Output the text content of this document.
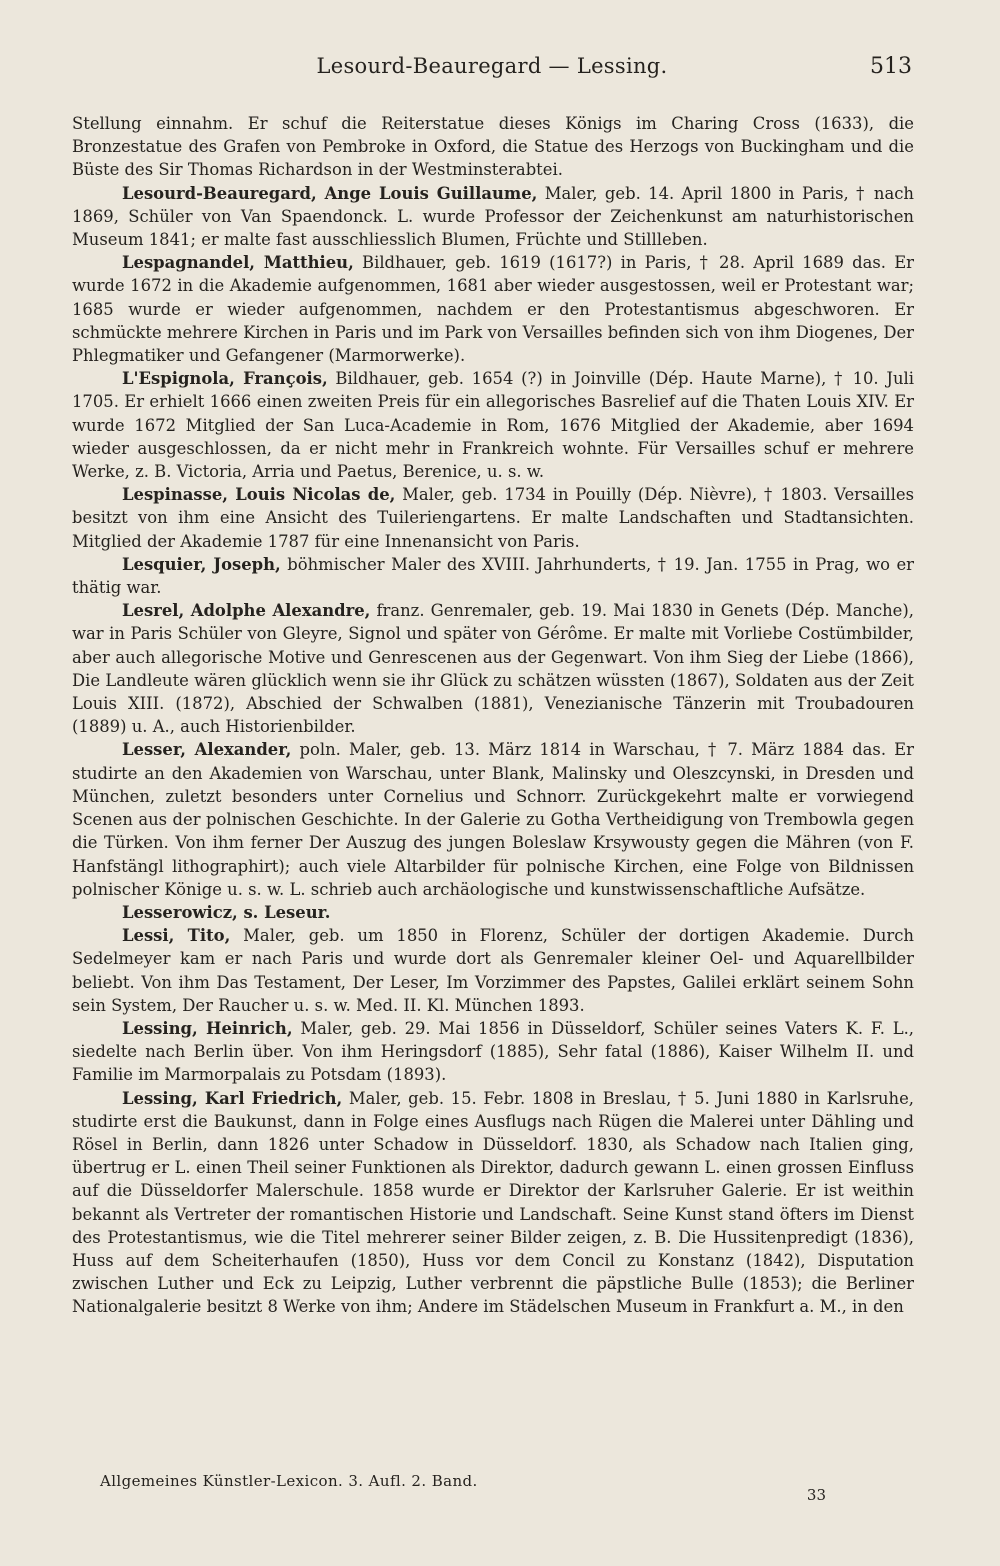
Lesourd-Beauregard — Lessing.	513

Stellung einnahm. Er schuf die Reiterstatue dieses Königs im Charing Cross (1633), die Bronzestatue des Grafen von Pembroke in Oxford, die Statue des Herzogs von Buckingham und die Büste des Sir Thomas Richardson in der Westminsterabtei.

Lesourd-Beauregard, Ange Louis Guillaume, Maler, geb. 14. April 1800 in Paris, † nach 1869, Schüler von Van Spaendonck. L. wurde Professor der Zeichenkunst am naturhistorischen Museum 1841; er malte fast ausschliesslich Blumen, Früchte und Stillleben.

Lespagnandel, Matthieu, Bildhauer, geb. 1619 (1617?) in Paris, † 28. April 1689 das. Er wurde 1672 in die Akademie aufgenommen, 1681 aber wieder ausgestossen, weil er Protestant war; 1685 wurde er wieder aufgenommen, nachdem er den Protestantismus abgeschworen. Er schmückte mehrere Kirchen in Paris und im Park von Versailles befinden sich von ihm Diogenes, Der Phlegmatiker und Gefangener (Marmorwerke).

L'Espignola, François, Bildhauer, geb. 1654 (?) in Joinville (Dép. Haute Marne), † 10. Juli 1705. Er erhielt 1666 einen zweiten Preis für ein allegorisches Basrelief auf die Thaten Louis XIV. Er wurde 1672 Mitglied der San Luca-Academie in Rom, 1676 Mitglied der Akademie, aber 1694 wieder ausgeschlossen, da er nicht mehr in Frankreich wohnte. Für Versailles schuf er mehrere Werke, z. B. Victoria, Arria und Paetus, Berenice, u. s. w.

Lespinasse, Louis Nicolas de, Maler, geb. 1734 in Pouilly (Dép. Nièvre), † 1803. Versailles besitzt von ihm eine Ansicht des Tuileriengartens. Er malte Landschaften und Stadtansichten. Mitglied der Akademie 1787 für eine Innenansicht von Paris.

Lesquier, Joseph, böhmischer Maler des XVIII. Jahrhunderts, † 19. Jan. 1755 in Prag, wo er thätig war.

Lesrel, Adolphe Alexandre, franz. Genremaler, geb. 19. Mai 1830 in Genets (Dép. Manche), war in Paris Schüler von Gleyre, Signol und später von Gérôme. Er malte mit Vorliebe Costümbilder, aber auch allegorische Motive und Genrescenen aus der Gegenwart. Von ihm Sieg der Liebe (1866), Die Landleute wären glücklich wenn sie ihr Glück zu schätzen wüssten (1867), Soldaten aus der Zeit Louis XIII. (1872), Abschied der Schwalben (1881), Venezianische Tänzerin mit Troubadouren (1889) u. A., auch Historienbilder.

Lesser, Alexander, poln. Maler, geb. 13. März 1814 in Warschau, † 7. März 1884 das. Er studirte an den Akademien von Warschau, unter Blank, Malinsky und Oleszcynski, in Dresden und München, zuletzt besonders unter Cornelius und Schnorr. Zurückgekehrt malte er vorwiegend Scenen aus der polnischen Geschichte. In der Galerie zu Gotha Vertheidigung von Trembowla gegen die Türken. Von ihm ferner Der Auszug des jungen Boleslaw Krsywousty gegen die Mähren (von F. Hanfstängl lithographirt); auch viele Altarbilder für polnische Kirchen, eine Folge von Bildnissen polnischer Könige u. s. w. L. schrieb auch archäologische und kunstwissenschaftliche Aufsätze.

Lesserowicz, s. Leseur.

Lessi, Tito, Maler, geb. um 1850 in Florenz, Schüler der dortigen Akademie. Durch Sedelmeyer kam er nach Paris und wurde dort als Genremaler kleiner Oel- und Aquarellbilder beliebt. Von ihm Das Testament, Der Leser, Im Vorzimmer des Papstes, Galilei erklärt seinem Sohn sein System, Der Raucher u. s. w. Med. II. Kl. München 1893.

Lessing, Heinrich, Maler, geb. 29. Mai 1856 in Düsseldorf, Schüler seines Vaters K. F. L., siedelte nach Berlin über. Von ihm Heringsdorf (1885), Sehr fatal (1886), Kaiser Wilhelm II. und Familie im Marmorpalais zu Potsdam (1893).

Lessing, Karl Friedrich, Maler, geb. 15. Febr. 1808 in Breslau, † 5. Juni 1880 in Karlsruhe, studirte erst die Baukunst, dann in Folge eines Ausflugs nach Rügen die Malerei unter Dähling und Rösel in Berlin, dann 1826 unter Schadow in Düsseldorf. 1830, als Schadow nach Italien ging, übertrug er L. einen Theil seiner Funktionen als Direktor, dadurch gewann L. einen grossen Einfluss auf die Düsseldorfer Malerschule. 1858 wurde er Direktor der Karlsruher Galerie. Er ist weithin bekannt als Vertreter der romantischen Historie und Landschaft. Seine Kunst stand öfters im Dienst des Protestantismus, wie die Titel mehrerer seiner Bilder zeigen, z. B. Die Hussitenpredigt (1836), Huss auf dem Scheiterhaufen (1850), Huss vor dem Concil zu Konstanz (1842), Disputation zwischen Luther und Eck zu Leipzig, Luther verbrennt die päpstliche Bulle (1853); die Berliner Nationalgalerie besitzt 8 Werke von ihm; Andere im Städelschen Museum in Frankfurt a. M., in den

Allgemeines Künstler-Lexicon. 3. Aufl. 2. Band.
33
